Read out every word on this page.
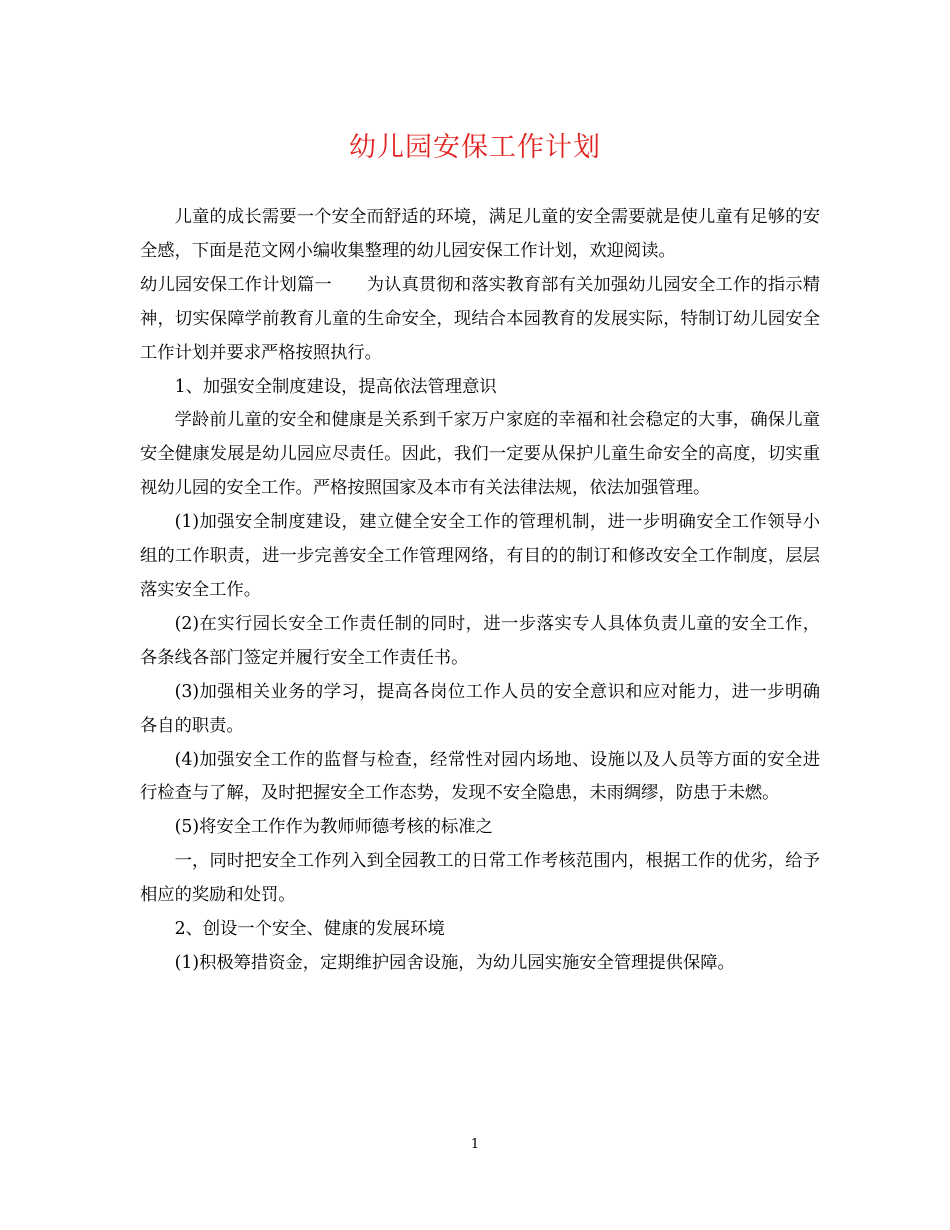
幼儿园安保工作计划

儿童的成长需要一个安全而舒适的环境，满足儿童的安全需要就是使儿童有足够的安全感，下面是范文网小编收集整理的幼儿园安保工作计划，欢迎阅读。

幼儿园安保工作计划篇一　　为认真贯彻和落实教育部有关加强幼儿园安全工作的指示精神，切实保障学前教育儿童的生命安全，现结合本园教育的发展实际，特制订幼儿园安全工作计划并要求严格按照执行。

1、加强安全制度建设，提高依法管理意识

学龄前儿童的安全和健康是关系到千家万户家庭的幸福和社会稳定的大事，确保儿童安全健康发展是幼儿园应尽责任。因此，我们一定要从保护儿童生命安全的高度，切实重视幼儿园的安全工作。严格按照国家及本市有关法律法规，依法加强管理。

(1)加强安全制度建设，建立健全安全工作的管理机制，进一步明确安全工作领导小组的工作职责，进一步完善安全工作管理网络，有目的的制订和修改安全工作制度，层层落实安全工作。

(2)在实行园长安全工作责任制的同时，进一步落实专人具体负责儿童的安全工作，各条线各部门签定并履行安全工作责任书。

(3)加强相关业务的学习，提高各岗位工作人员的安全意识和应对能力，进一步明确各自的职责。

(4)加强安全工作的监督与检查，经常性对园内场地、设施以及人员等方面的安全进行检查与了解，及时把握安全工作态势，发现不安全隐患，未雨绸缪，防患于未燃。

(5)将安全工作作为教师师德考核的标准之

一，同时把安全工作列入到全园教工的日常工作考核范围内，根据工作的优劣，给予相应的奖励和处罚。

2、创设一个安全、健康的发展环境

(1)积极筹措资金，定期维护园舍设施，为幼儿园实施安全管理提供保障。

1
